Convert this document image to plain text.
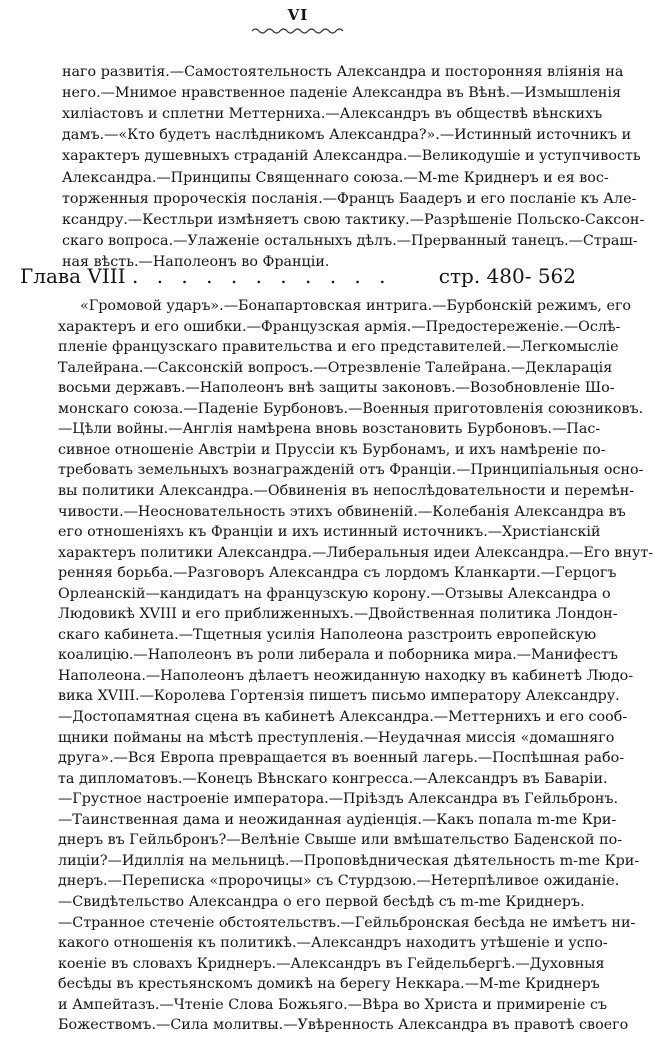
VI
наго развитія.—Самостоятельность Александра и посторонняя вліянія на
него.—Мнимое нравственное паденіе Александра въ Вѣнѣ.—Измышленія
хиліастовъ и сплетни Меттерниха.—Александръ въ обществѣ вѣнскихъ
дамъ.—«Кто будетъ наслѣдникомъ Александра?».—Истинный источникъ и
характеръ душевныхъ страданій Александра.—Великодушіе и уступчивость
Александра.—Принципы Священнаго союза.—М-me Криднеръ и ея вос-
торженныя пророческія посланія.—Францъ Баадеръ и его посланіе къ Але-
ксандру.—Кестльри измѣняетъ свою тактику.—Разрѣшеніе Польско-Саксон-
скаго вопроса.—Улаженіе остальныхъ дѣлъ.—Прерванный танецъ.—Страш-
ная вѣсть.—Наполеонъ во Франціи.
Глава VIII . . . . . . . . . . . стр. 480- 562
«Громовой ударъ».—Бонапартовская интрига.—Бурбонскій режимъ, его
характеръ и его ошибки.—Французская армія.—Предостереженіе.—Ослѣ-
пленіе французскаго правительства и его представителей.—Легкомысліе
Талейрана.—Саксонскій вопросъ.—Отрезвленіе Талейрана.—Декларація
восьми державъ.—Наполеонъ внѣ защиты законовъ.—Возобновленіе Шо-
монскаго союза.—Паденіе Бурбоновъ.—Военныя приготовленія союзниковъ.
—Цѣли войны.—Англія намѣрена вновь возстановить Бурбоновъ.—Пас-
сивное отношеніе Австріи и Пруссіи къ Бурбонамъ, и ихъ намѣреніе по-
требовать земельныхъ вознагражденій отъ Франціи.—Принципіальныя осно-
вы политики Александра.—Обвиненія въ непослѣдовательности и перемѣн-
чивости.—Неосновательность этихъ обвиненій.—Колебанія Александра въ
его отношеніяхъ къ Франціи и ихъ истинный источникъ.—Христіанскій
характеръ политики Александра.—Либеральныя идеи Александра.—Его внут-
ренняя борьба.—Разговоръ Александра съ лордомъ Кланкарти.—Герцогъ
Орлеанскій—кандидатъ на французскую корону.—Отзывы Александра о
Людовикѣ XVIII и его приближенныхъ.—Двойственная политика Лондон-
скаго кабинета.—Тщетныя усилія Наполеона разстроить европейскую
коалицію.—Наполеонъ въ роли либерала и поборника мира.—Манифестъ
Наполеона.—Наполеонъ дѣлаетъ неожиданную находку въ кабинетѣ Людо-
вика XVIII.—Королева Гортензія пишетъ письмо императору Александру.
—Достопамятная сцена въ кабинетѣ Александра.—Меттернихъ и его сооб-
щники пойманы на мѣстѣ преступленія.—Неудачная миссія «домашняго
друга».—Вся Европа превращается въ военный лагерь.—Поспѣшная рабо-
та дипломатовъ.—Конецъ Вѣнскаго конгресса.—Александръ въ Баваріи.
—Грустное настроеніе императора.—Пріѣздъ Александра въ Гейльбронъ.
—Таинственная дама и неожиданная аудіенція.—Какъ попала m-me Кри-
днеръ въ Гейльбронъ?—Велѣніе Свыше или вмѣшательство Баденской по-
лиціи?—Идиллія на мельницѣ.—Проповѣдническая дѣятельность m-me Кри-
днеръ.—Переписка «пророчицы» съ Стурдзою.—Нетерпѣливое ожиданіе.
—Свидѣтельство Александра о его первой бесѣдѣ съ m-me Криднеръ.
—Странное стеченіе обстоятельствъ.—Гейльбронская бесѣда не имѣетъ ни-
какого отношенія къ политикѣ.—Александръ находитъ утѣшеніе и успо-
коеніе въ словахъ Криднеръ.—Александръ въ Гейдельбергѣ.—Духовныя
бесѣды въ крестьянскомъ домикѣ на берегу Неккара.—М-me Криднеръ
и Ампейтазъ.—Чтеніе Слова Божьяго.—Вѣра во Христа и примиреніе съ
Божествомъ.—Сила молитвы.—Увѣренность Александра въ правотѣ своего
